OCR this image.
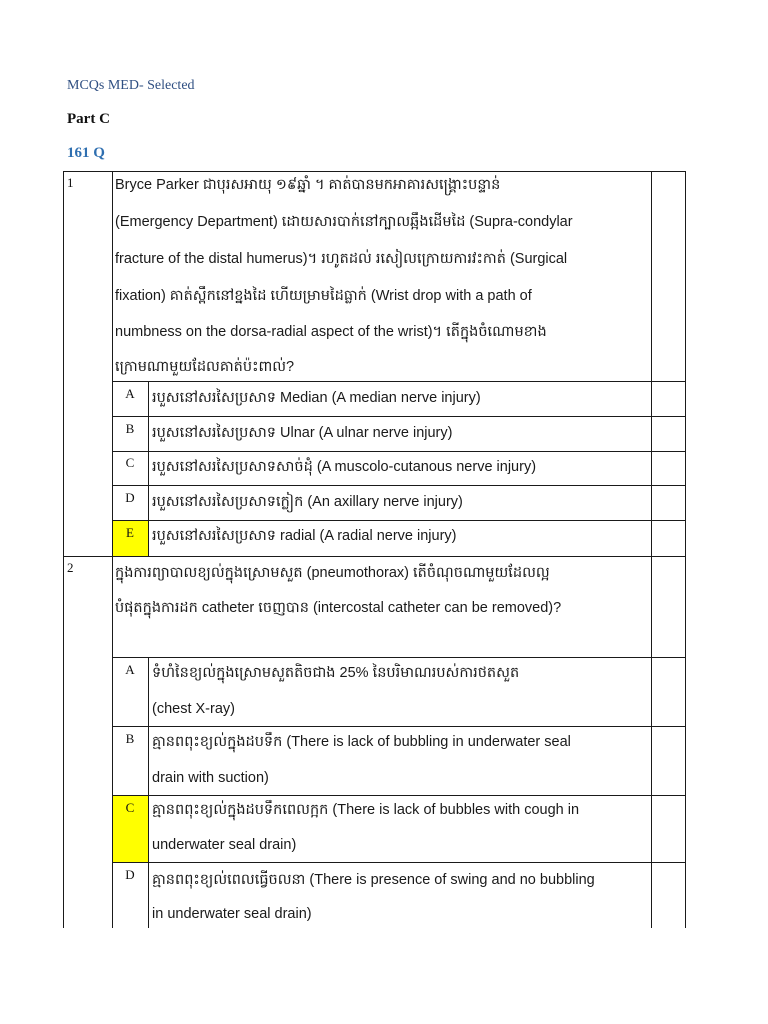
MCQs MED- Selected
Part C
161 Q
1	Bryce Parker ជាបុរសអាយុ ១៩ឆ្នាំ ។ គាត់បានមកអាគារសង្គ្រោះបន្ទាន់
(Emergency Department) ដោយសារបាក់នៅក្បាលឆ្អឹងដើមដៃ (Supra-condylar
fracture of the distal humerus)។ រហូតដល់ រសៀលក្រោយការវះកាត់ (Surgical
fixation) គាត់ស្ពឹកនៅខ្នងដៃ ហើយម្រាមដៃធ្លាក់ (Wrist drop with a path of
numbness on the dorsa-radial aspect of the wrist)។ តើក្នុងចំណោមខាង
ក្រោមណាមួយដែលគាត់ប៉ះពាល់?
A	របួសនៅសរសៃប្រសាទ Median (A median nerve injury)
B	របួសនៅសរសៃប្រសាទ Ulnar (A ulnar nerve injury)
C	របួសនៅសរសៃប្រសាទសាច់ដុំ (A muscolo-cutanous nerve injury)
D	របួសនៅសរសៃប្រសាទក្លៀក (An axillary nerve injury)
E	របួសនៅសរសៃប្រសាទ radial (A radial nerve injury)
2	ក្នុងការព្យាបាលខ្យល់ក្នុងស្រោមសួត (pneumothorax) តើចំណុចណាមួយដែលល្អ
បំផុតក្នុងការដក catheter ចេញបាន (intercostal catheter can be removed)?
A	ទំហំនៃខ្យល់ក្នុងស្រោមសួតតិចជាង 25% នៃបរិមាណរបស់ការថតសួត
(chest X-ray)
B	គ្មានពពុះខ្យល់ក្នុងដបទឹក (There is lack of bubbling in underwater seal
drain with suction)
C	គ្មានពពុះខ្យល់ក្នុងដបទឹកពេលក្អក (There is lack of bubbles with cough in
underwater seal drain)
D	គ្មានពពុះខ្យល់ពេលធ្វើចលនា (There is presence of swing and no bubbling
in underwater seal drain)
